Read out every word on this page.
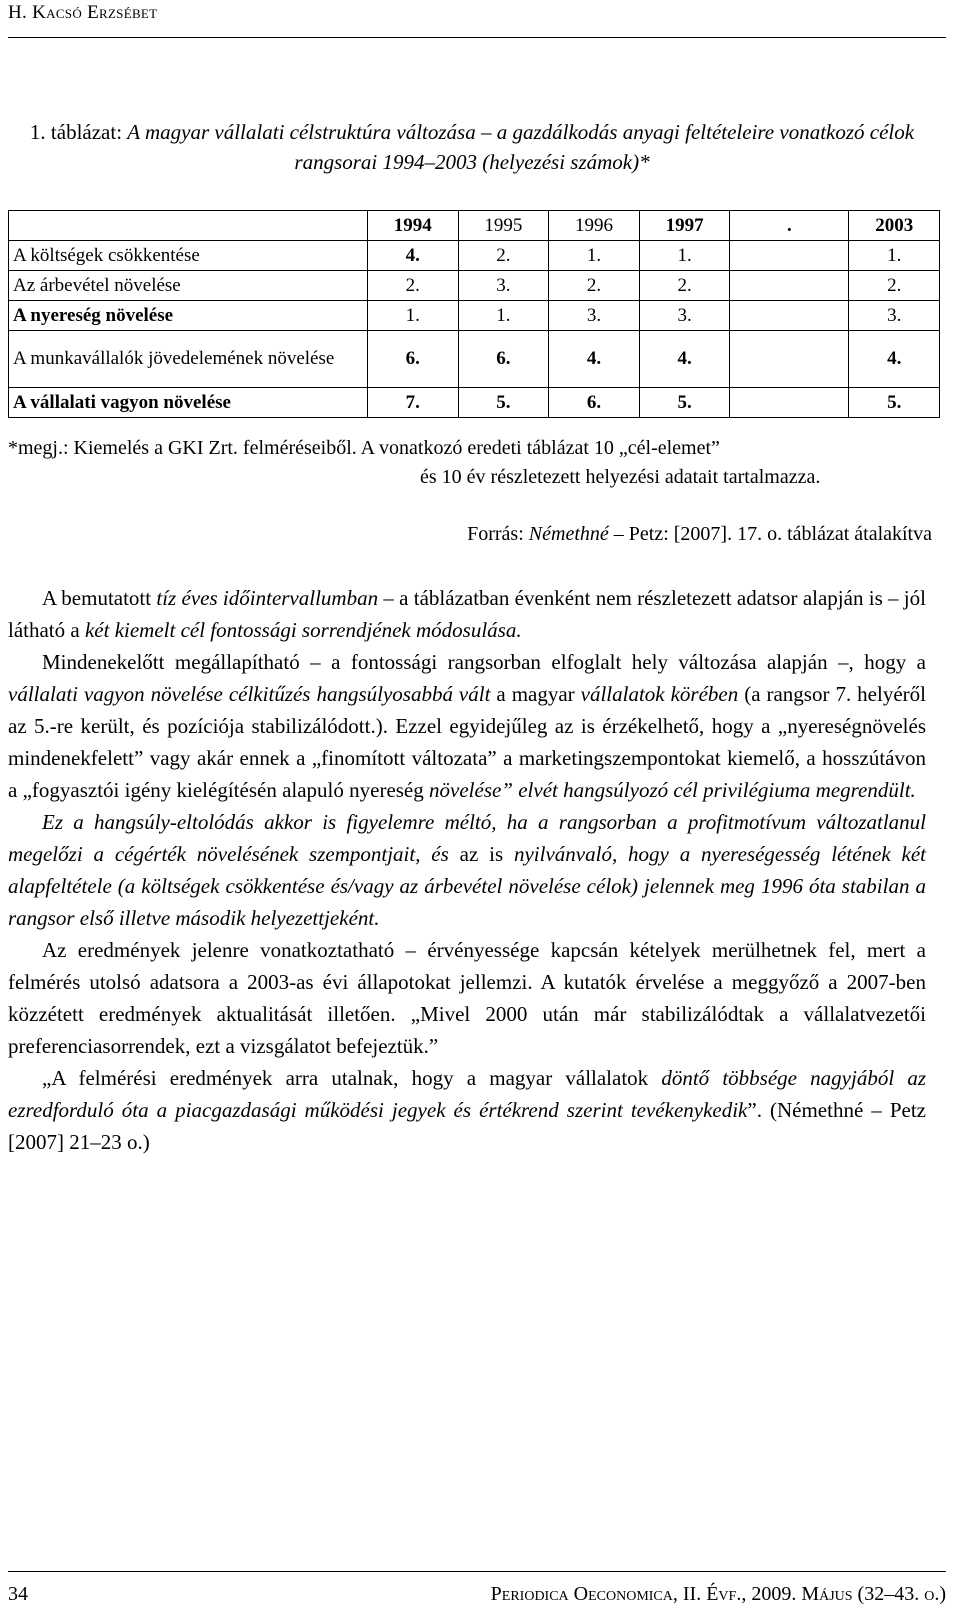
H. Kacsó Erzsébet
1. táblázat: A magyar vállalati célstruktúra változása – a gazdálkodás anyagi feltételeire vonatkozó célok rangsorai 1994–2003 (helyezési számok)*
	1994	1995	1996	1997	.	2003
A költségek csökkentése	4.	2.	1.	1.		1.
Az árbevétel növelése	2.	3.	2.	2.		2.
A nyereség növelése	1.	1.	3.	3.		3.
A munkavállalók jövedelemének növelése	6.	6.	4.	4.		4.
A vállalati vagyon növelése	7.	5.	6.	5.		5.
*megj.: Kiemelés a GKI Zrt. felméréseiből. A vonatkozó eredeti táblázat 10 „cél-elemet”
és 10 év részletezett helyezési adatait tartalmazza.
Forrás: Némethné – Petz: [2007]. 17. o. táblázat átalakítva

A bemutatott tíz éves időintervallumban – a táblázatban évenként nem részletezett adatsor alapján is – jól látható a két kiemelt cél fontossági sorrendjének módosulása.

Mindenekelőtt megállapítható – a fontossági rangsorban elfoglalt hely változása alapján –, hogy a vállalati vagyon növelése célkitűzés hangsúlyosabbá vált a magyar vállalatok körében (a rangsor 7. helyéről az 5.-re került, és pozíciója stabilizálódott.). Ezzel egyidejűleg az is érzékelhető, hogy a „nyereségnövelés mindenekfelett” vagy akár ennek a „finomított változata” a marketingszempontokat kiemelő, a hosszútávon a „fogyasztói igény kielégítésén alapuló nyereség növelése” elvét hangsúlyozó cél privilégiuma megrendült.

Ez a hangsúly-eltolódás akkor is figyelemre méltó, ha a rangsorban a profitmotívum változatlanul megelőzi a cégérték növelésének szempontjait, és az is nyilvánvaló, hogy a nyereségesség létének két alapfeltétele (a költségek csökkentése és/vagy az árbevétel növelése célok) jelennek meg 1996 óta stabilan a rangsor első illetve második helyezettjeként.

Az eredmények jelenre vonatkoztatható – érvényessége kapcsán kételyek merülhetnek fel, mert a felmérés utolsó adatsora a 2003-as évi állapotokat jellemzi. A kutatók érvelése a meggyőző a 2007-ben közzétett eredmények aktualitását illetően. „Mivel 2000 után már stabilizálódtak a vállalatvezetői preferenciasorrendek, ezt a vizsgálatot befejeztük.”

„A felmérési eredmények arra utalnak, hogy a magyar vállalatok döntő többsége nagyjából az ezredforduló óta a piacgazdasági működési jegyek és értékrend szerint tevékenykedik”. (Némethné – Petz [2007] 21–23 o.)

34	Periodica Oeconomica, II. Évf., 2009. Május (32–43. o.)
